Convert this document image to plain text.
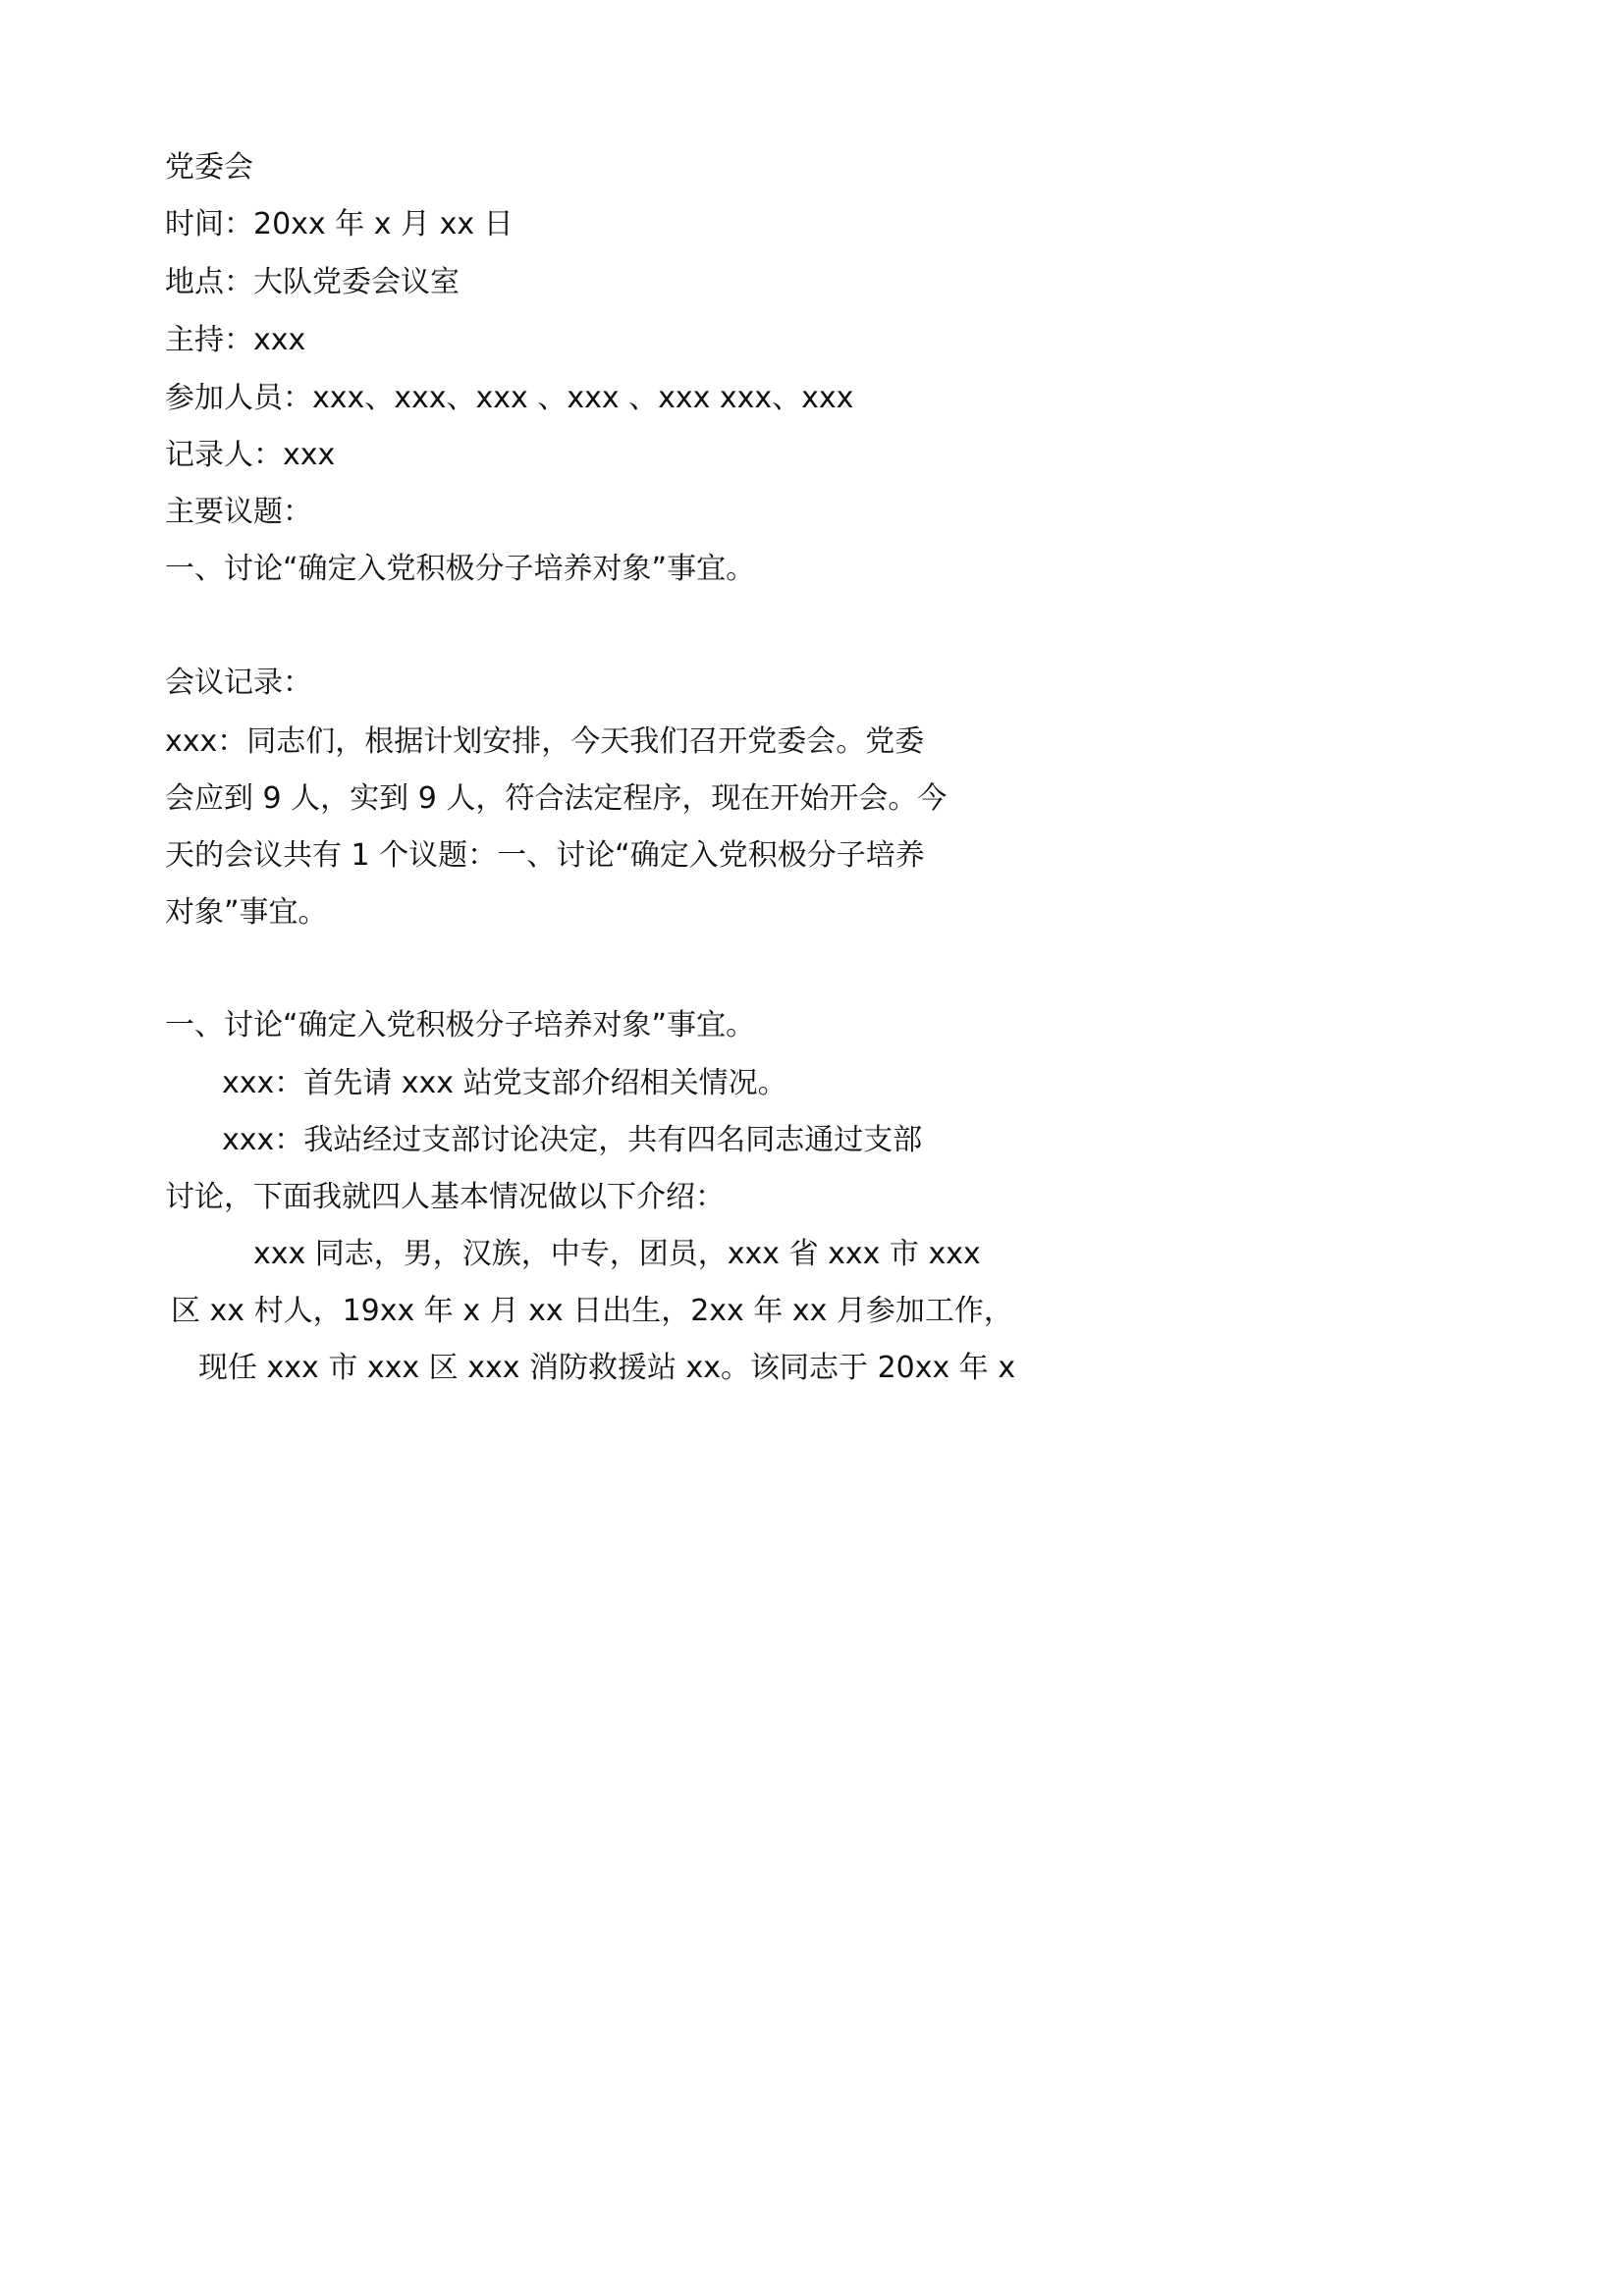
党委会
时间：20xx 年 x 月 xx 日
地点：大队党委会议室
主持：xxx
参加人员：xxx、xxx、xxx 、xxx 、xxx xxx、xxx
记录人：xxx
主要议题：
一、讨论“确定入党积极分子培养对象”事宜。
会议记录：
xxx：同志们，根据计划安排，今天我们召开党委会。党委
会应到 9 人，实到 9 人，符合法定程序，现在开始开会。今
天的会议共有 1 个议题：一、讨论“确定入党积极分子培养
对象”事宜。
一、讨论“确定入党积极分子培养对象”事宜。
xxx：首先请 xxx 站党支部介绍相关情况。
xxx：我站经过支部讨论决定，共有四名同志通过支部
讨论，下面我就四人基本情况做以下介绍：
xxx 同志，男，汉族，中专，团员，xxx 省 xxx 市 xxx
区 xx 村人，19xx 年 x 月 xx 日出生，2xx 年 xx 月参加工作，
现任 xxx 市 xxx 区 xxx 消防救援站 xx。该同志于 20xx 年 x
